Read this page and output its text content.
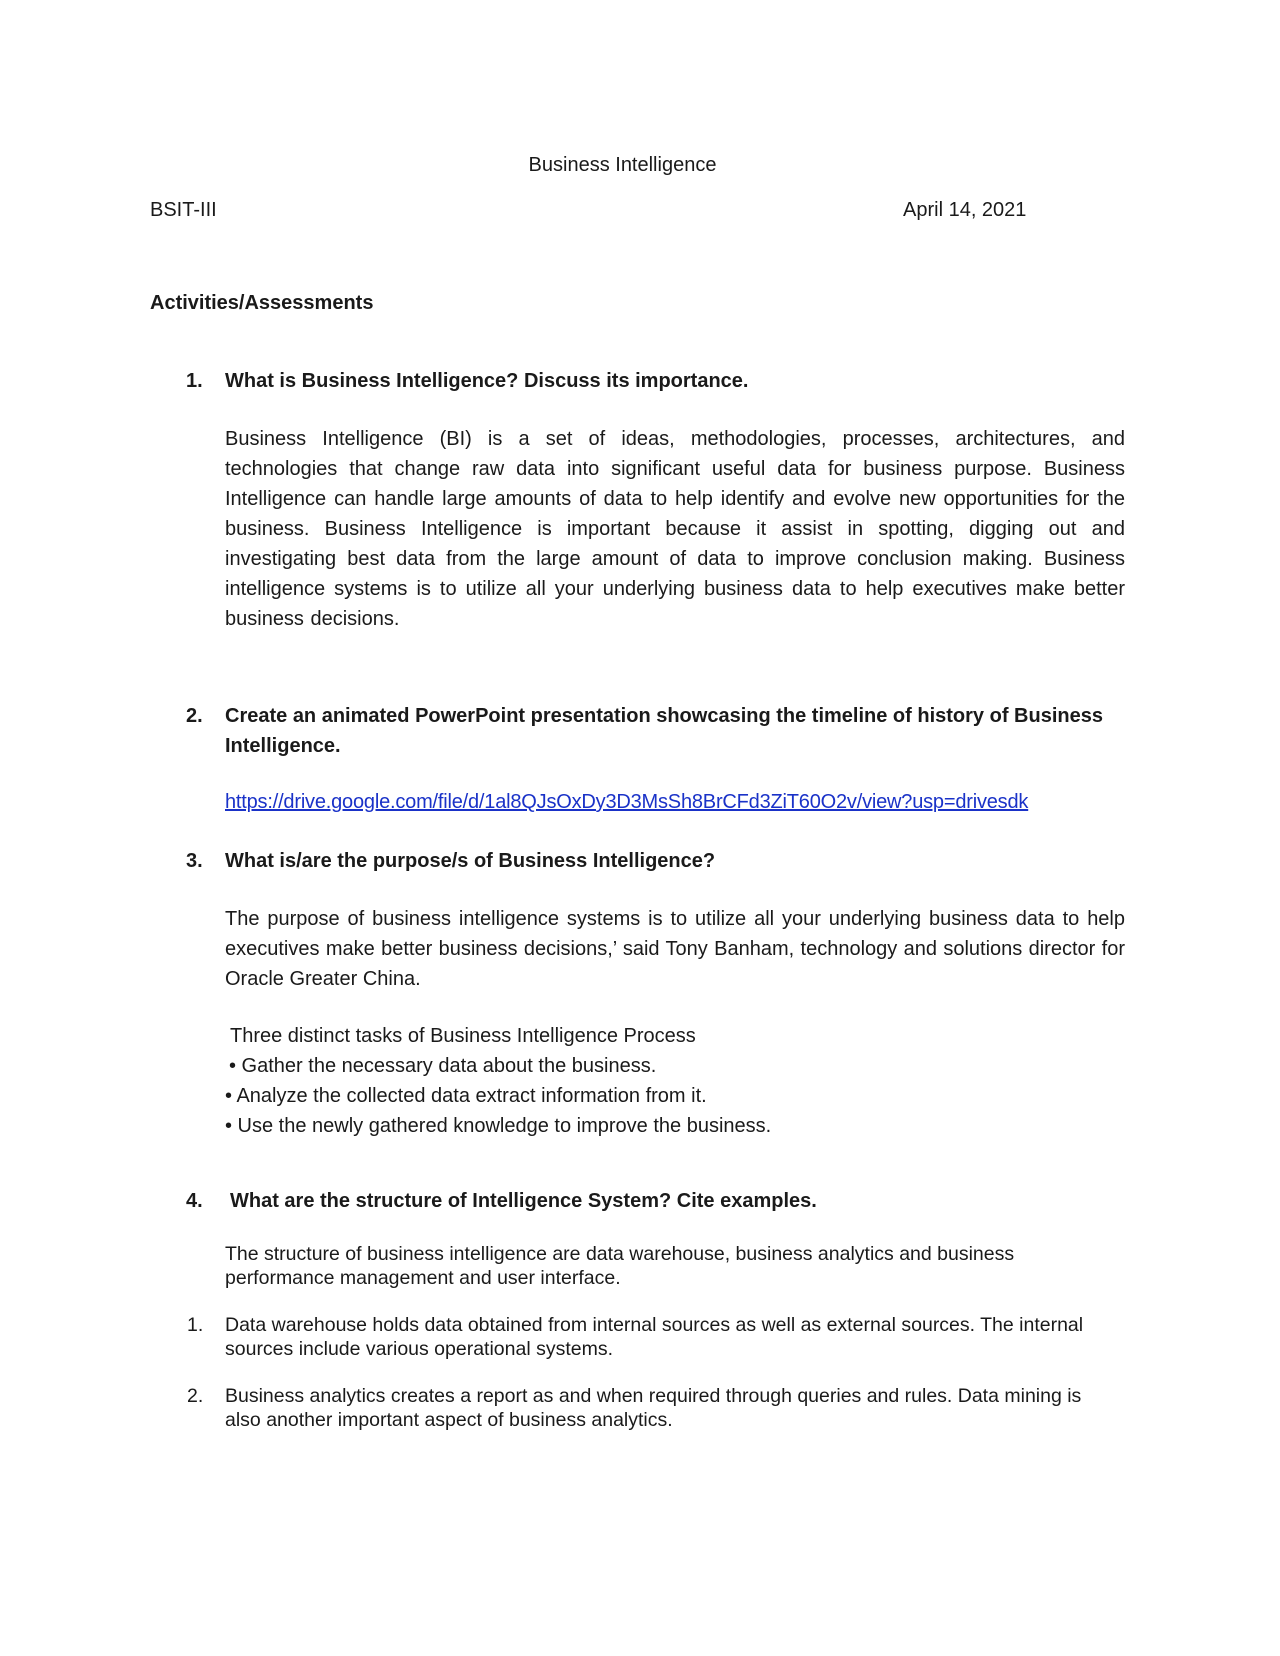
Business Intelligence
BSIT-III	April 14, 2021
Activities/Assessments
1. What is Business Intelligence? Discuss its importance.
Business Intelligence (BI) is a set of ideas, methodologies, processes, architectures, and technologies that change raw data into significant useful data for business purpose. Business Intelligence can handle large amounts of data to help identify and evolve new opportunities for the business. Business Intelligence is important because it assist in spotting, digging out and investigating best data from the large amount of data to improve conclusion making. Business intelligence systems is to utilize all your underlying business data to help executives make better business decisions.
2. Create an animated PowerPoint presentation showcasing the timeline of history of Business Intelligence.
https://drive.google.com/file/d/1al8QJsOxDy3D3MsSh8BrCFd3ZiT60O2v/view?usp=drivesdk
3. What is/are the purpose/s of Business Intelligence?
The purpose of business intelligence systems is to utilize all your underlying business data to help executives make better business decisions,’ said Tony Banham, technology and solutions director for Oracle Greater China.
Three distinct tasks of Business Intelligence Process
• Gather the necessary data about the business.
• Analyze the collected data extract information from it.
• Use the newly gathered knowledge to improve the business.
4. What are the structure of Intelligence System? Cite examples.
The structure of business intelligence are data warehouse, business analytics and business performance management and user interface.
1. Data warehouse holds data obtained from internal sources as well as external sources. The internal sources include various operational systems.
2. Business analytics creates a report as and when required through queries and rules. Data mining is also another important aspect of business analytics.
